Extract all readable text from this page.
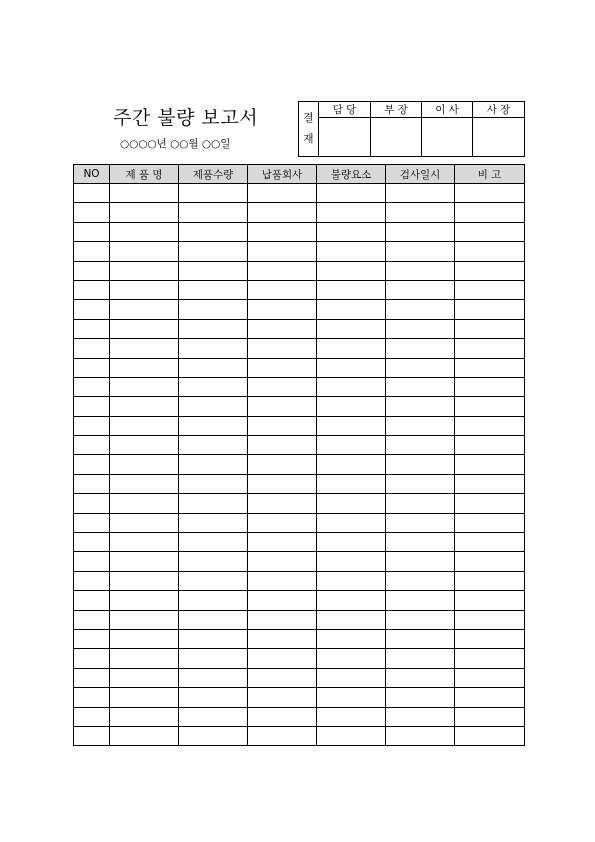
주간 불량 보고서
○○○○년 ○○월 ○○일
결
재	담 당	부 장	이 사	사 장

NO	제 품 명	제품수량	납품회사	불량요소	검사일시	비 고
